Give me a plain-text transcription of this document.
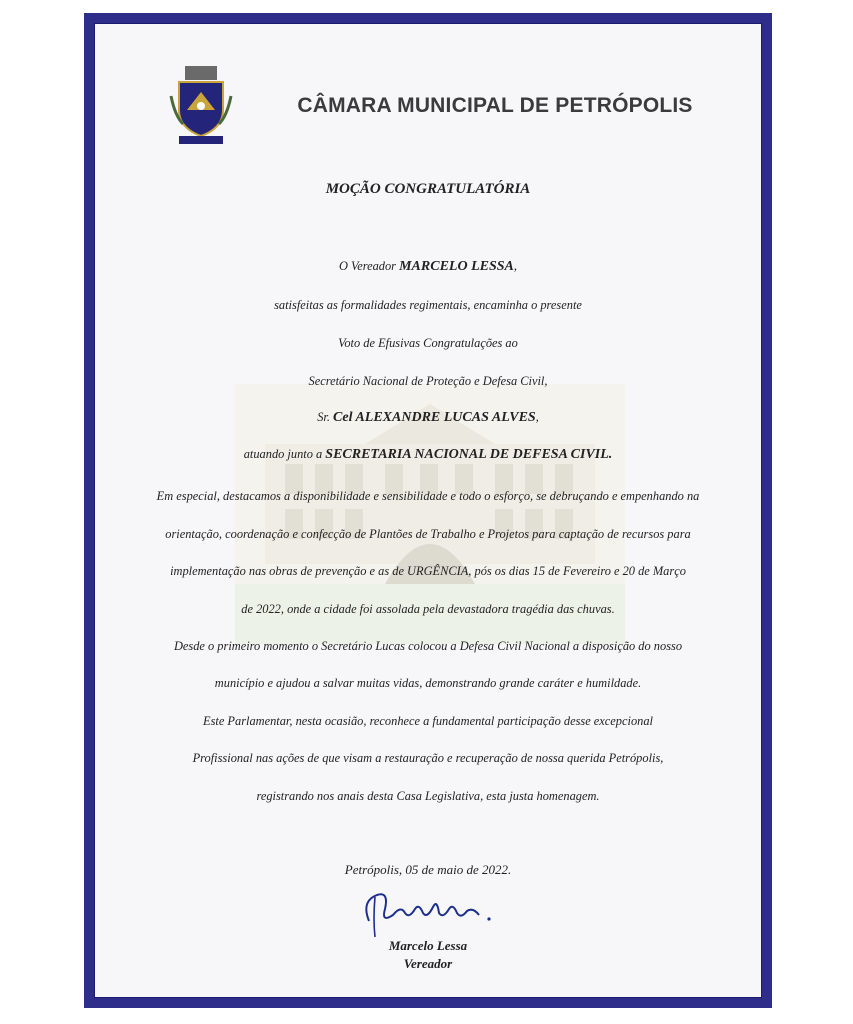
CÂMARA MUNICIPAL DE PETRÓPOLIS
MOÇÃO CONGRATULATÓRIA
O Vereador MARCELO LESSA,
satisfeitas as formalidades regimentais, encaminha o presente
Voto de Efusivas Congratulações ao
Secretário Nacional de Proteção e Defesa Civil,
Sr. Cel ALEXANDRE LUCAS ALVES,
atuando junto a SECRETARIA NACIONAL DE DEFESA CIVIL.
Em especial, destacamos a disponibilidade e sensibilidade e todo o esforço, se debruçando e empenhando na
orientação, coordenação e confecção de Plantões de Trabalho e Projetos para captação de recursos para
implementação nas obras de prevenção e as de URGÊNCIA, pós os dias 15 de Fevereiro e 20 de Março
de 2022, onde a cidade foi assolada pela devastadora tragédia das chuvas.
Desde o primeiro momento o Secretário Lucas colocou a Defesa Civil Nacional a disposição do nosso
município e ajudou a salvar muitas vidas, demonstrando grande caráter e humildade.
Este Parlamentar, nesta ocasião, reconhece a fundamental participação desse excepcional
Profissional nas ações de que visam a restauração e recuperação de nossa querida Petrópolis,
registrando nos anais desta Casa Legislativa, esta justa homenagem.
Petrópolis, 05 de maio de 2022.
Marcelo Lessa
Vereador
